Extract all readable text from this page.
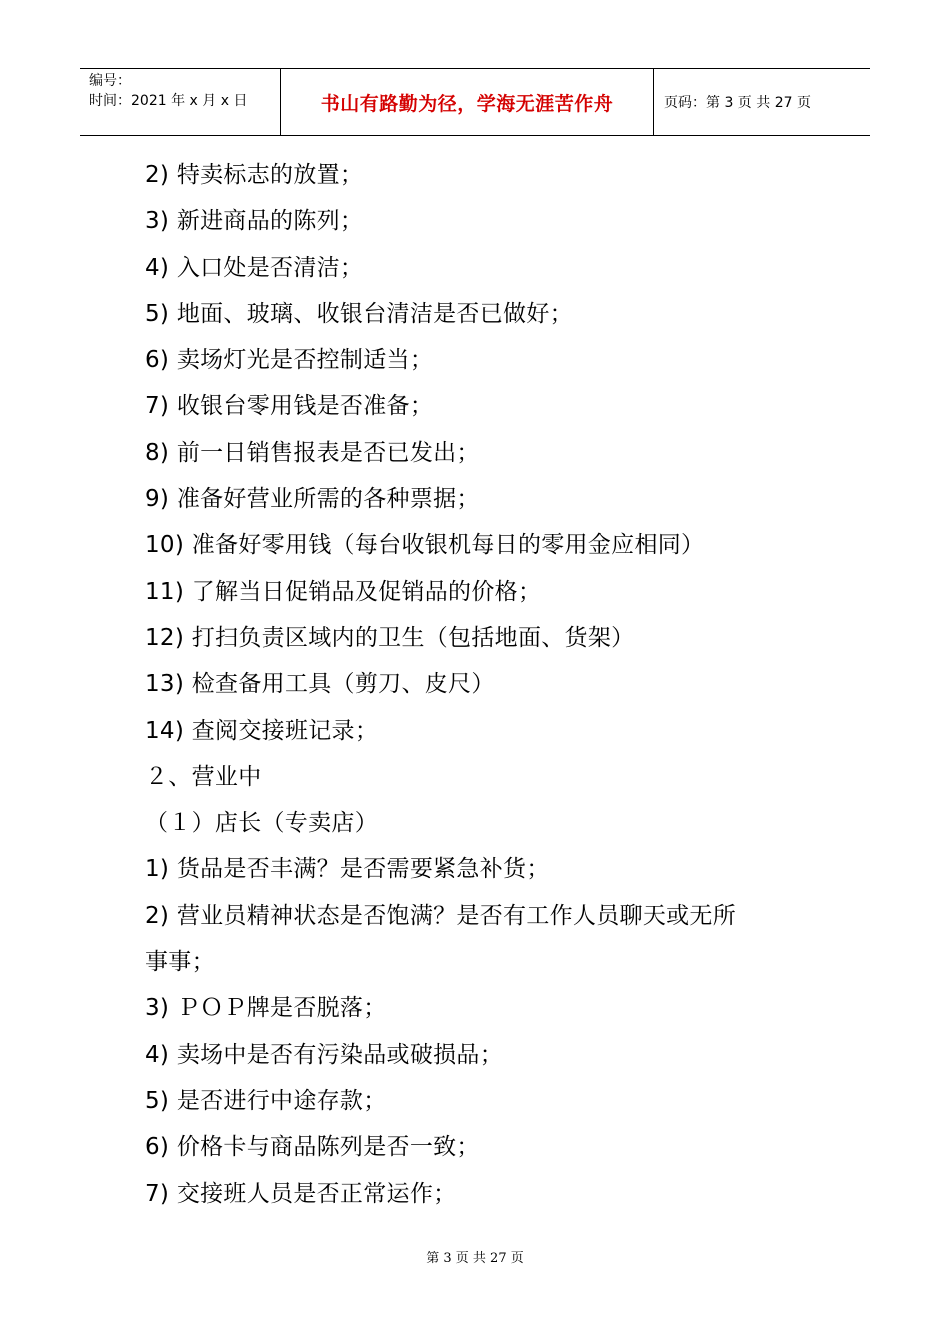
编号：
时间：2021 年 x 月 x 日	书山有路勤为径，学海无涯苦作舟	页码：第 3 页 共 27 页
2) 特卖标志的放置；
3) 新进商品的陈列；
4) 入口处是否清洁；
5) 地面、玻璃、收银台清洁是否已做好；
6) 卖场灯光是否控制适当；
7) 收银台零用钱是否准备；
8) 前一日销售报表是否已发出；
9) 准备好营业所需的各种票据；
10) 准备好零用钱（每台收银机每日的零用金应相同）
11) 了解当日促销品及促销品的价格；
12) 打扫负责区域内的卫生（包括地面、货架）
13) 检查备用工具（剪刀、皮尺）
14) 查阅交接班记录；
２、营业中
（１）店长（专卖店）
1) 货品是否丰满？是否需要紧急补货；
2) 营业员精神状态是否饱满？是否有工作人员聊天或无所
事事；
3) ＰＯＰ牌是否脱落；
4) 卖场中是否有污染品或破损品；
5) 是否进行中途存款；
6) 价格卡与商品陈列是否一致；
7) 交接班人员是否正常运作；
第 3 页 共 27 页
